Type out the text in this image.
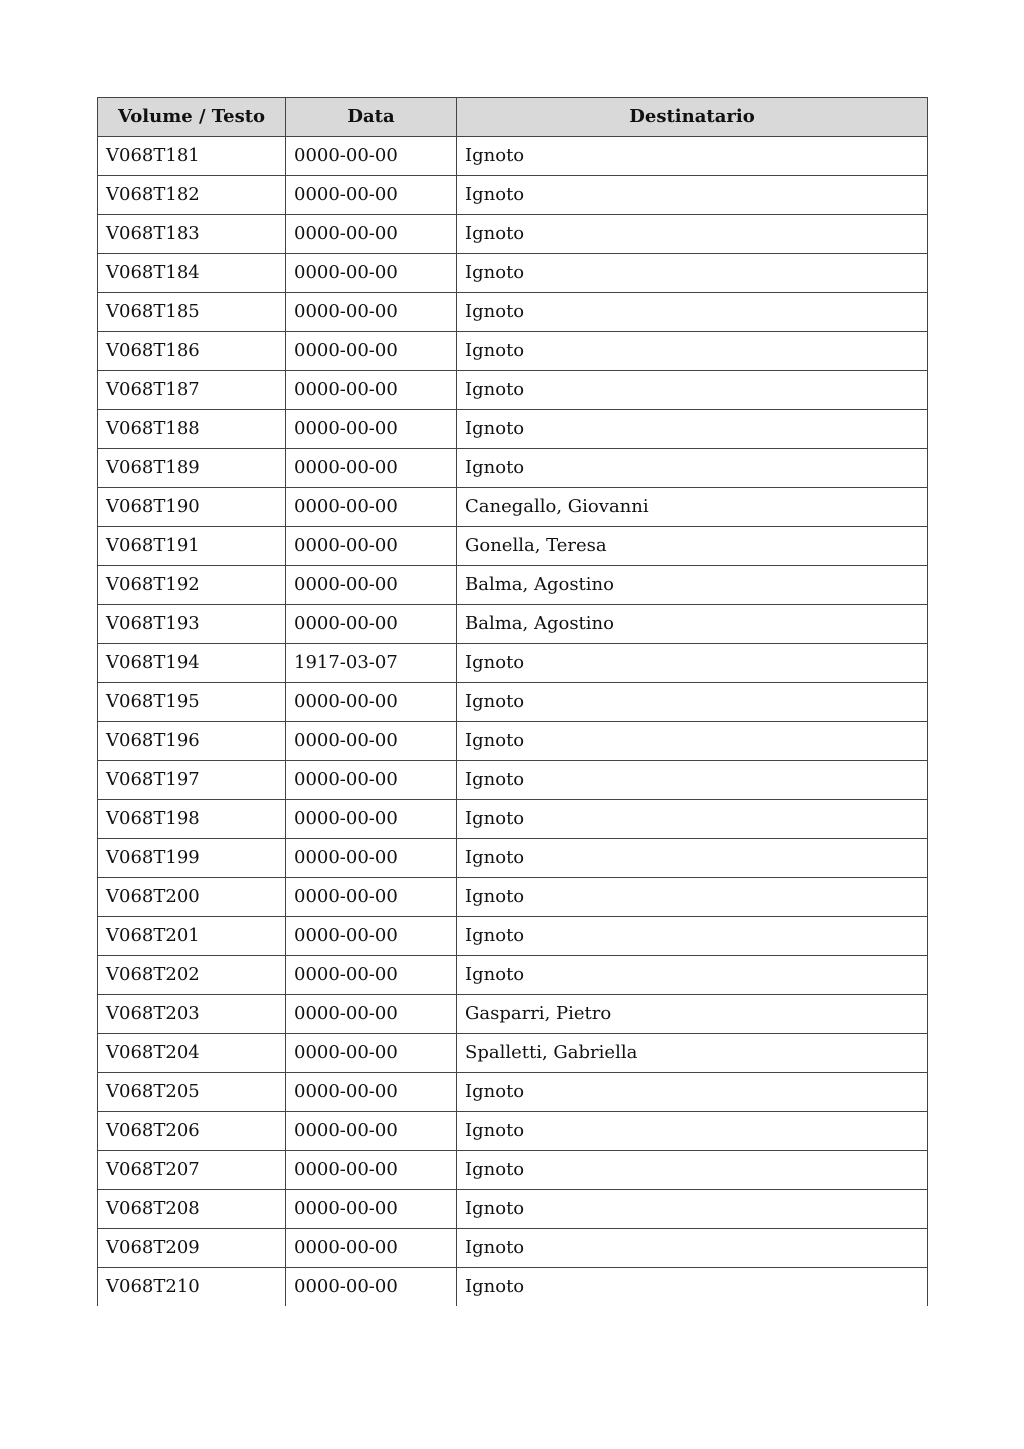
Volume / Testo	Data	Destinatario
V068T181	0000-00-00	Ignoto
V068T182	0000-00-00	Ignoto
V068T183	0000-00-00	Ignoto
V068T184	0000-00-00	Ignoto
V068T185	0000-00-00	Ignoto
V068T186	0000-00-00	Ignoto
V068T187	0000-00-00	Ignoto
V068T188	0000-00-00	Ignoto
V068T189	0000-00-00	Ignoto
V068T190	0000-00-00	Canegallo, Giovanni
V068T191	0000-00-00	Gonella, Teresa
V068T192	0000-00-00	Balma, Agostino
V068T193	0000-00-00	Balma, Agostino
V068T194	1917-03-07	Ignoto
V068T195	0000-00-00	Ignoto
V068T196	0000-00-00	Ignoto
V068T197	0000-00-00	Ignoto
V068T198	0000-00-00	Ignoto
V068T199	0000-00-00	Ignoto
V068T200	0000-00-00	Ignoto
V068T201	0000-00-00	Ignoto
V068T202	0000-00-00	Ignoto
V068T203	0000-00-00	Gasparri, Pietro
V068T204	0000-00-00	Spalletti, Gabriella
V068T205	0000-00-00	Ignoto
V068T206	0000-00-00	Ignoto
V068T207	0000-00-00	Ignoto
V068T208	0000-00-00	Ignoto
V068T209	0000-00-00	Ignoto
V068T210	0000-00-00	Ignoto
